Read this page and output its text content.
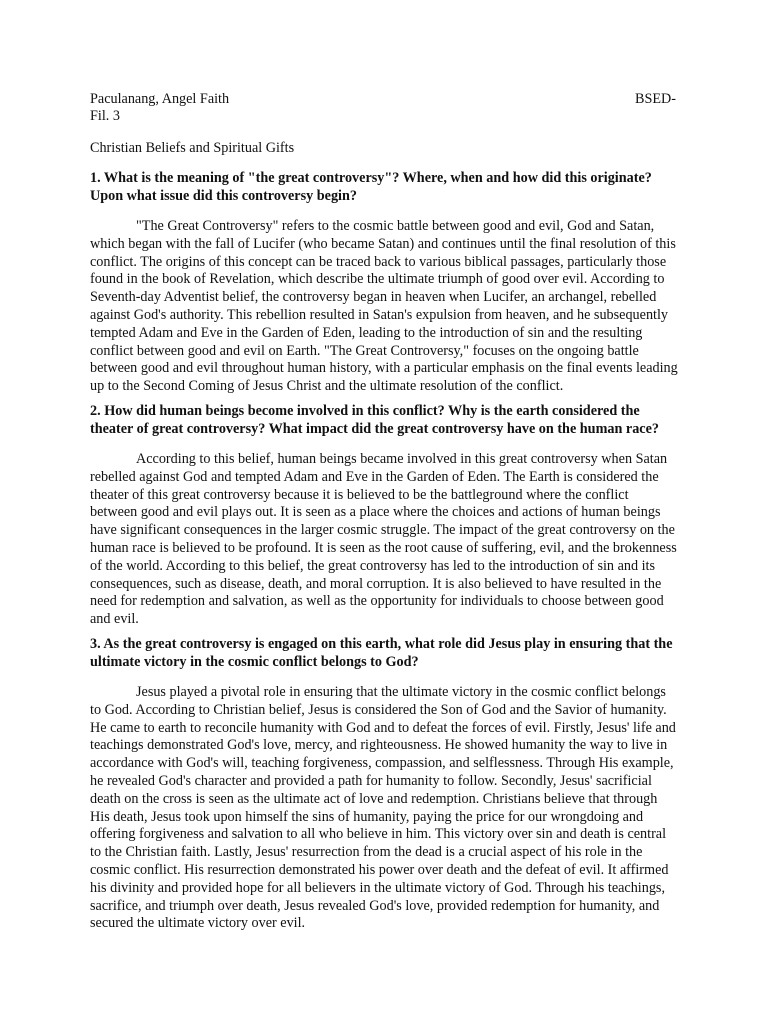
Paculanang, Angel Faith	BSED-
Fil. 3
Christian Beliefs and Spiritual Gifts
1. What is the meaning of "the great controversy"? Where, when and how did this originate? Upon what issue did this controversy begin?
"The Great Controversy" refers to the cosmic battle between good and evil, God and Satan, which began with the fall of Lucifer (who became Satan) and continues until the final resolution of this conflict. The origins of this concept can be traced back to various biblical passages, particularly those found in the book of Revelation, which describe the ultimate triumph of good over evil. According to Seventh-day Adventist belief, the controversy began in heaven when Lucifer, an archangel, rebelled against God's authority. This rebellion resulted in Satan's expulsion from heaven, and he subsequently tempted Adam and Eve in the Garden of Eden, leading to the introduction of sin and the resulting conflict between good and evil on Earth. "The Great Controversy," focuses on the ongoing battle between good and evil throughout human history, with a particular emphasis on the final events leading up to the Second Coming of Jesus Christ and the ultimate resolution of the conflict.
2. How did human beings become involved in this conflict? Why is the earth considered the theater of great controversy? What impact did the great controversy have on the human race?
According to this belief, human beings became involved in this great controversy when Satan rebelled against God and tempted Adam and Eve in the Garden of Eden. The Earth is considered the theater of this great controversy because it is believed to be the battleground where the conflict between good and evil plays out. It is seen as a place where the choices and actions of human beings have significant consequences in the larger cosmic struggle. The impact of the great controversy on the human race is believed to be profound. It is seen as the root cause of suffering, evil, and the brokenness of the world. According to this belief, the great controversy has led to the introduction of sin and its consequences, such as disease, death, and moral corruption. It is also believed to have resulted in the need for redemption and salvation, as well as the opportunity for individuals to choose between good and evil.
3. As the great controversy is engaged on this earth, what role did Jesus play in ensuring that the ultimate victory in the cosmic conflict belongs to God?
Jesus played a pivotal role in ensuring that the ultimate victory in the cosmic conflict belongs to God. According to Christian belief, Jesus is considered the Son of God and the Savior of humanity. He came to earth to reconcile humanity with God and to defeat the forces of evil. Firstly, Jesus' life and teachings demonstrated God's love, mercy, and righteousness. He showed humanity the way to live in accordance with God's will, teaching forgiveness, compassion, and selflessness. Through His example, he revealed God's character and provided a path for humanity to follow. Secondly, Jesus' sacrificial death on the cross is seen as the ultimate act of love and redemption. Christians believe that through His death, Jesus took upon himself the sins of humanity, paying the price for our wrongdoing and offering forgiveness and salvation to all who believe in him. This victory over sin and death is central to the Christian faith. Lastly, Jesus' resurrection from the dead is a crucial aspect of his role in the cosmic conflict. His resurrection demonstrated his power over death and the defeat of evil. It affirmed his divinity and provided hope for all believers in the ultimate victory of God. Through his teachings, sacrifice, and triumph over death, Jesus revealed God's love, provided redemption for humanity, and secured the ultimate victory over evil.
